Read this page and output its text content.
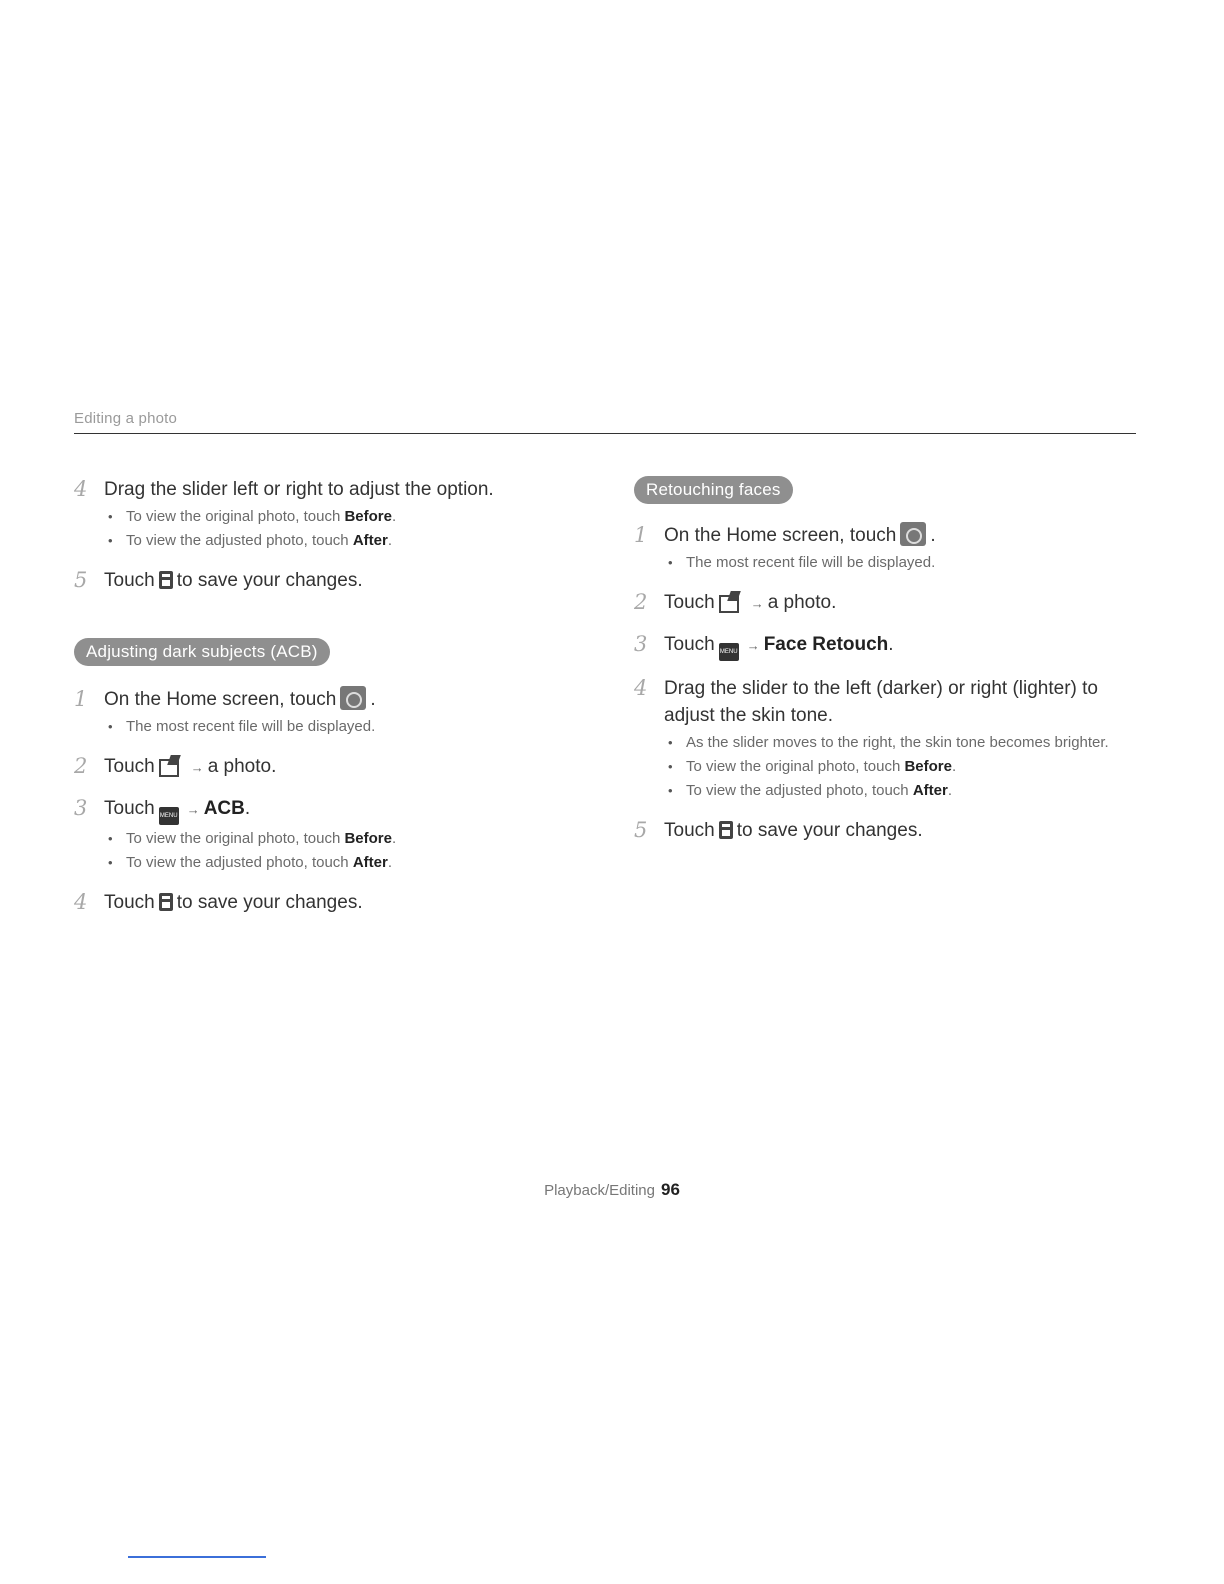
Editing a photo
4 Drag the slider left or right to adjust the option.
• To view the original photo, touch Before.
• To view the adjusted photo, touch After.
5 Touch to save your changes.
Adjusting dark subjects (ACB)
1 On the Home screen, touch .
• The most recent file will be displayed.
2 Touch	→ a photo.
3 Touch MENU → ACB.
• To view the original photo, touch Before.
• To view the adjusted photo, touch After.
4 Touch to save your changes.
Retouching faces
1 On the Home screen, touch .
• The most recent file will be displayed.
2 Touch	→ a photo.
3 Touch MENU → Face Retouch.
4 Drag the slider to the left (darker) or right (lighter) to
adjust the skin tone.
• As the slider moves to the right, the skin tone becomes brighter.
• To view the original photo, touch Before.
• To view the adjusted photo, touch After.
5 Touch to save your changes.
Playback/Editing 96
